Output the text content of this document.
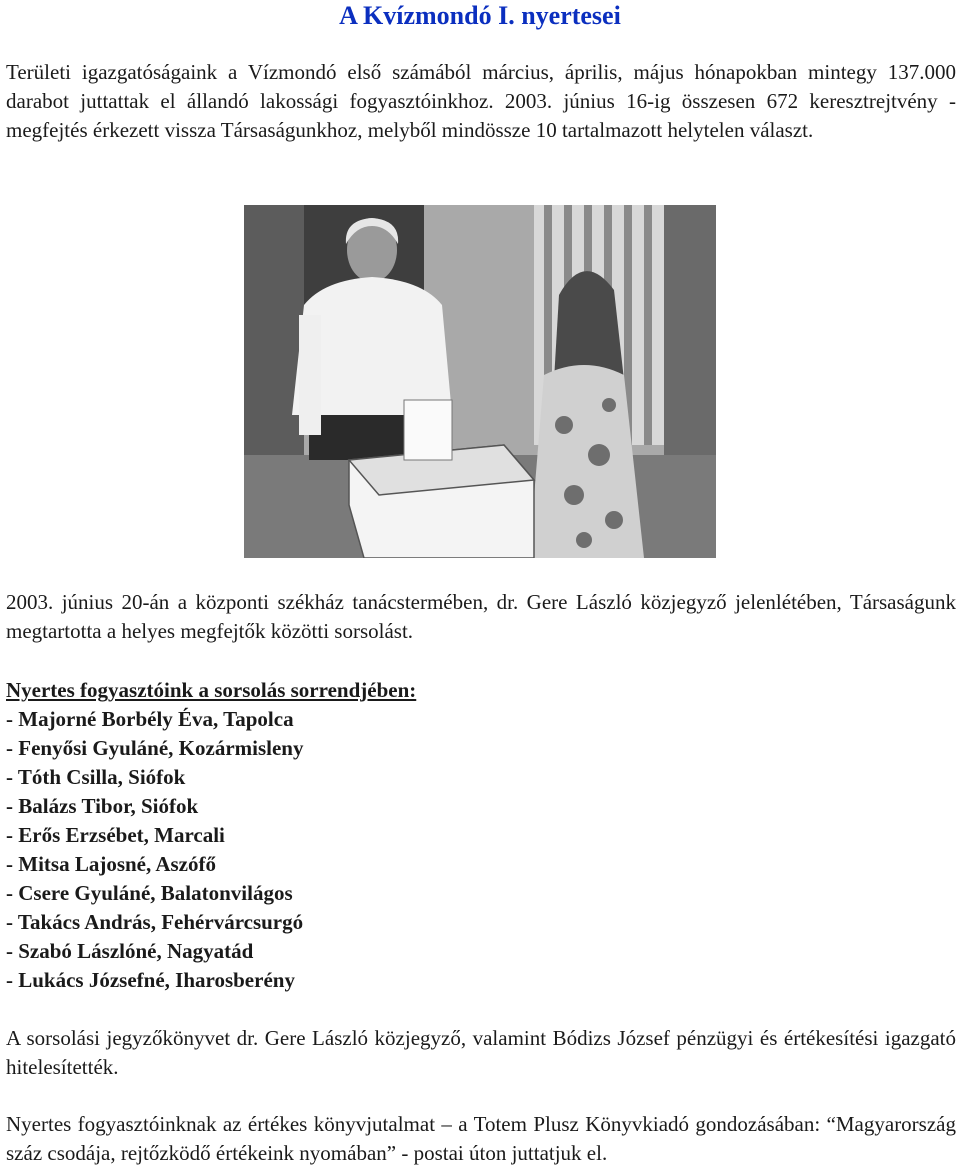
A Kvízmondó I. nyertesei

Területi igazgatóságaink a Vízmondó első számából március, április, május hónapokban mintegy 137.000 darabot juttattak el állandó lakossági fogyasztóinkhoz. 2003. június 16-ig összesen 672 keresztrejtvény - megfejtés érkezett vissza Társaságunkhoz, melyből mindössze 10 tartalmazott helytelen választ.

2003. június 20-án a központi székház tanácstermében, dr. Gere László közjegyző jelenlétében, Társaságunk megtartotta a helyes megfejtők közötti sorsolást.

Nyertes fogyasztóink a sorsolás sorrendjében:
- Majorné Borbély Éva, Tapolca
- Fenyősi Gyuláné, Kozármisleny
- Tóth Csilla, Siófok
- Balázs Tibor, Siófok
- Erős Erzsébet, Marcali
- Mitsa Lajosné, Aszófő
- Csere Gyuláné, Balatonvilágos
- Takács András, Fehérvárcsurgó
- Szabó Lászlóné, Nagyatád
- Lukács Józsefné, Iharosberény

A sorsolási jegyzőkönyvet dr. Gere László közjegyző, valamint Bódizs József pénzügyi és értékesítési igazgató hitelesítették.

Nyertes fogyasztóinknak az értékes könyvjutalmat – a Totem Plusz Könyvkiadó gondozásában: “Magyarország száz csodája, rejtőzködő értékeink nyomában” - postai úton juttatjuk el.
